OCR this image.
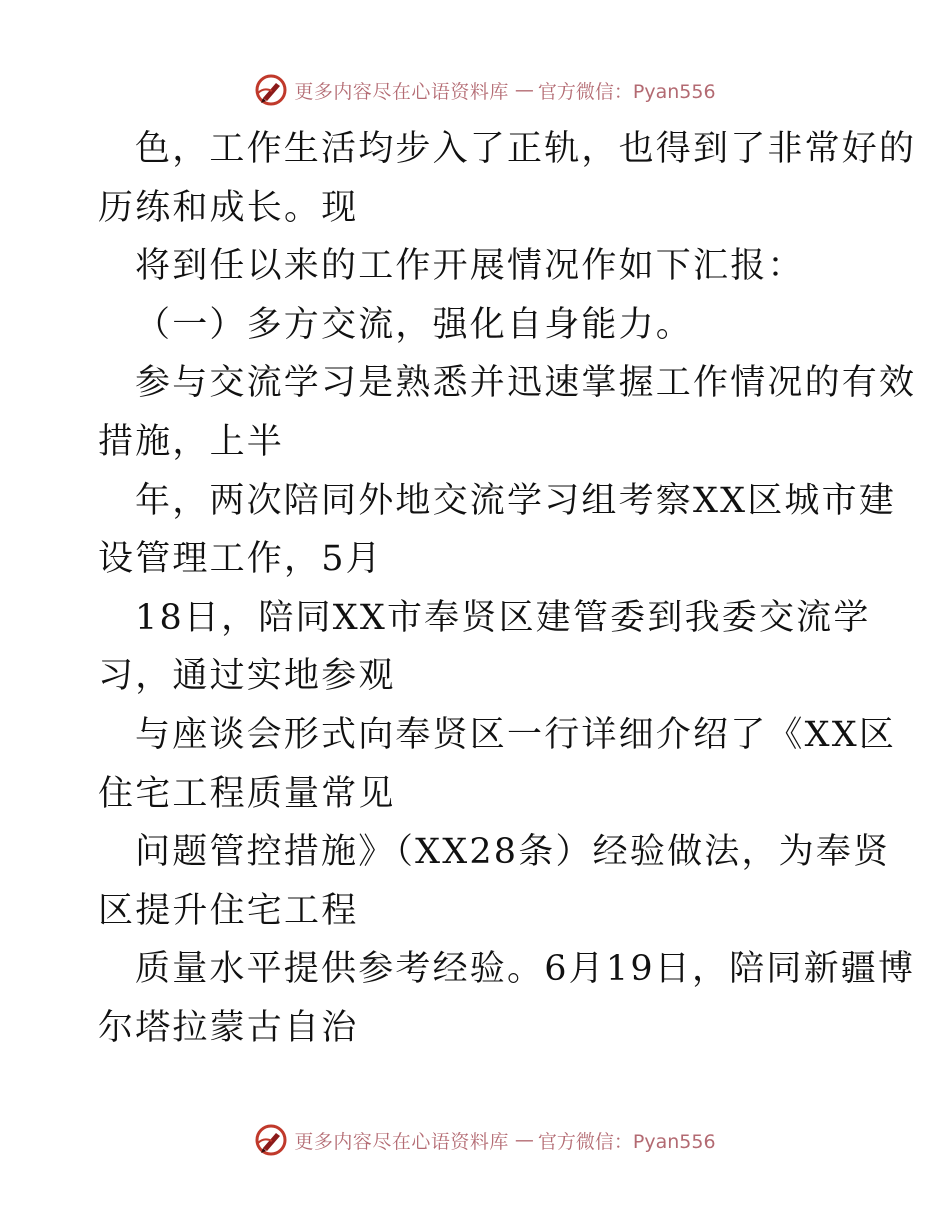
更多内容尽在心语资料库 — 官方微信：Pyan556
色，工作生活均步入了正轨，也得到了非常好的
历练和成长。现
将到任以来的工作开展情况作如下汇报：
（一）多方交流，强化自身能力。
参与交流学习是熟悉并迅速掌握工作情况的有效
措施，上半
年，两次陪同外地交流学习组考察XX区城市建
设管理工作，5月
18日，陪同XX市奉贤区建管委到我委交流学
习，通过实地参观
与座谈会形式向奉贤区一行详细介绍了《XX区
住宅工程质量常见
问题管控措施》（XX28条）经验做法，为奉贤
区提升住宅工程
质量水平提供参考经验。6月19日，陪同新疆博
尔塔拉蒙古自治
更多内容尽在心语资料库 — 官方微信：Pyan556
